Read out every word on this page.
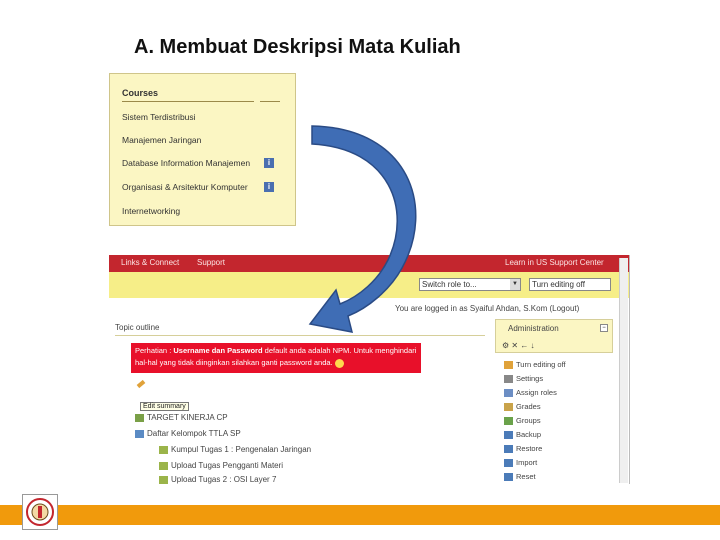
A. Membuat Deskripsi Mata Kuliah
Courses
Sistem Terdistribusi
Manajemen Jaringan
Database Information Manajemen	i
Organisasi & Arsitektur Komputer	i
Internetworking
Links & Connect Support	Learn in US Support Center
Switch role to...	▼	Turn editing off
You are logged in as Syaiful Ahdan, S.Kom (Logout)
Topic outline
Perhatian : Username dan Password default anda adalah NPM. Untuk menghindari hal-hal yang tidak diinginkan silahkan ganti password anda.
Edit summary
TARGET KINERJA CP
Daftar Kelompok TTLA SP
Kumpul Tugas 1 : Pengenalan Jaringan
Upload Tugas Pengganti Materi
Upload Tugas 2 : OSI Layer 7
Administration	−
⚙ ✕ ← ↓
Turn editing off
Settings
Assign roles
Grades
Groups
Backup
Restore
Import
Reset
